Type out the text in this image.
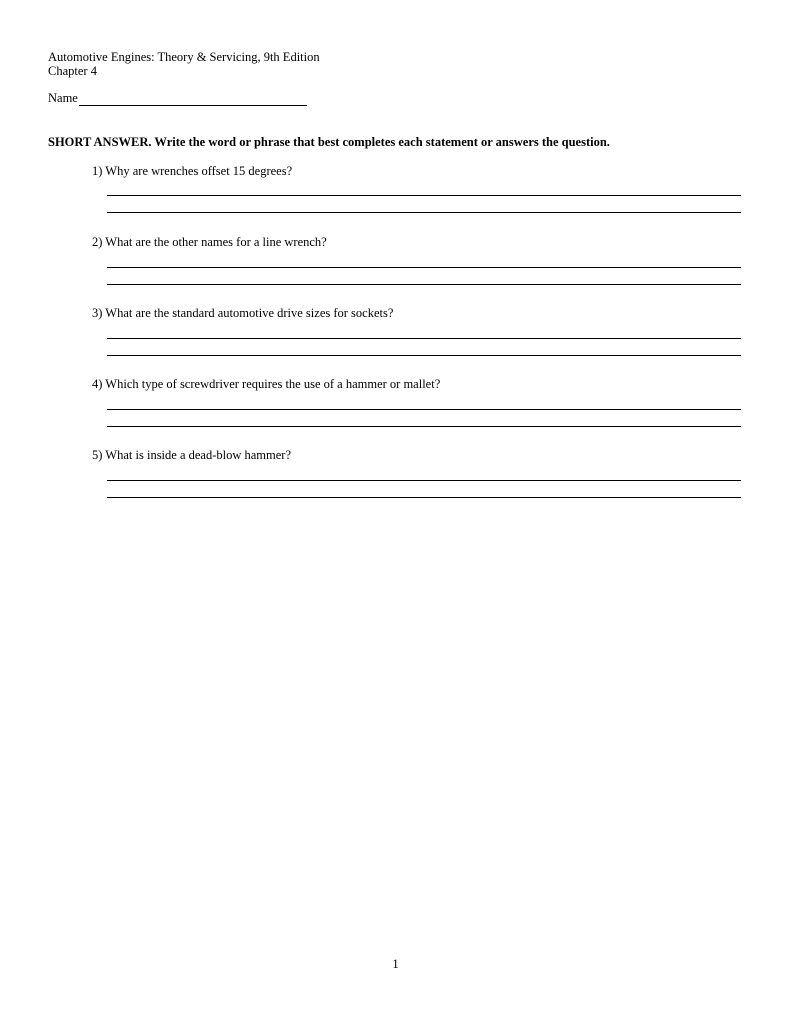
Automotive Engines: Theory & Servicing, 9th Edition
Chapter 4
Name
SHORT ANSWER. Write the word or phrase that best completes each statement or answers the question.
1) Why are wrenches offset 15 degrees?
2) What are the other names for a line wrench?
3) What are the standard automotive drive sizes for sockets?
4) Which type of screwdriver requires the use of a hammer or mallet?
5) What is inside a dead-blow hammer?
1
